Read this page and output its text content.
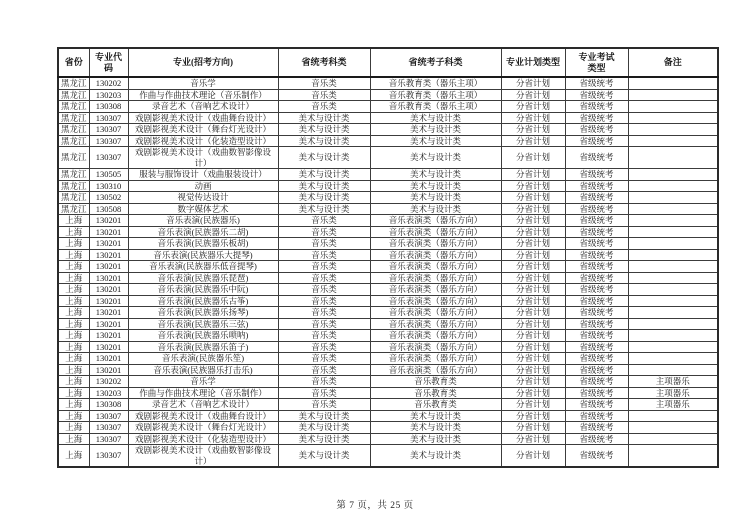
省份	专业代码	专业(招考方向)	省统考科类	省统考子科类	专业计划类型	专业考试类型	备注
黑龙江	130202	音乐学	音乐类	音乐教育类（器乐主项）	分省计划	省级统考	
黑龙江	130203	作曲与作曲技术理论（音乐制作）	音乐类	音乐教育类（器乐主项）	分省计划	省级统考	
黑龙江	130308	录音艺术（音响艺术设计）	音乐类	音乐教育类（器乐主项）	分省计划	省级统考	
黑龙江	130307	戏剧影视美术设计（戏曲舞台设计）	美术与设计类	美术与设计类	分省计划	省级统考	
黑龙江	130307	戏剧影视美术设计（舞台灯光设计）	美术与设计类	美术与设计类	分省计划	省级统考	
黑龙江	130307	戏剧影视美术设计（化装造型设计）	美术与设计类	美术与设计类	分省计划	省级统考	
黑龙江	130307	戏剧影视美术设计（戏曲数智影像设计）	美术与设计类	美术与设计类	分省计划	省级统考	
黑龙江	130505	服装与服饰设计（戏曲服装设计）	美术与设计类	美术与设计类	分省计划	省级统考	
黑龙江	130310	动画	美术与设计类	美术与设计类	分省计划	省级统考	
黑龙江	130502	视觉传达设计	美术与设计类	美术与设计类	分省计划	省级统考	
黑龙江	130508	数字媒体艺术	美术与设计类	美术与设计类	分省计划	省级统考	
上海	130201	音乐表演(民族器乐)	音乐类	音乐表演类（器乐方向）	分省计划	省级统考	
上海	130201	音乐表演(民族器乐二胡)	音乐类	音乐表演类（器乐方向）	分省计划	省级统考	
上海	130201	音乐表演(民族器乐板胡)	音乐类	音乐表演类（器乐方向）	分省计划	省级统考	
上海	130201	音乐表演(民族器乐大提琴)	音乐类	音乐表演类（器乐方向）	分省计划	省级统考	
上海	130201	音乐表演(民族器乐低音提琴)	音乐类	音乐表演类（器乐方向）	分省计划	省级统考	
上海	130201	音乐表演(民族器乐琵琶)	音乐类	音乐表演类（器乐方向）	分省计划	省级统考	
上海	130201	音乐表演(民族器乐中阮)	音乐类	音乐表演类（器乐方向）	分省计划	省级统考	
上海	130201	音乐表演(民族器乐古筝)	音乐类	音乐表演类（器乐方向）	分省计划	省级统考	
上海	130201	音乐表演(民族器乐扬琴)	音乐类	音乐表演类（器乐方向）	分省计划	省级统考	
上海	130201	音乐表演(民族器乐三弦)	音乐类	音乐表演类（器乐方向）	分省计划	省级统考	
上海	130201	音乐表演(民族器乐唢呐)	音乐类	音乐表演类（器乐方向）	分省计划	省级统考	
上海	130201	音乐表演(民族器乐笛子)	音乐类	音乐表演类（器乐方向）	分省计划	省级统考	
上海	130201	音乐表演(民族器乐笙)	音乐类	音乐表演类（器乐方向）	分省计划	省级统考	
上海	130201	音乐表演(民族器乐打击乐)	音乐类	音乐表演类（器乐方向）	分省计划	省级统考	
上海	130202	音乐学	音乐类	音乐教育类	分省计划	省级统考	主项器乐
上海	130203	作曲与作曲技术理论（音乐制作）	音乐类	音乐教育类	分省计划	省级统考	主项器乐
上海	130308	录音艺术（音响艺术设计）	音乐类	音乐教育类	分省计划	省级统考	主项器乐
上海	130307	戏剧影视美术设计（戏曲舞台设计）	美术与设计类	美术与设计类	分省计划	省级统考	
上海	130307	戏剧影视美术设计（舞台灯光设计）	美术与设计类	美术与设计类	分省计划	省级统考	
上海	130307	戏剧影视美术设计（化装造型设计）	美术与设计类	美术与设计类	分省计划	省级统考	
上海	130307	戏剧影视美术设计（戏曲数智影像设计）	美术与设计类	美术与设计类	分省计划	省级统考	
第 7 页，共 25 页
